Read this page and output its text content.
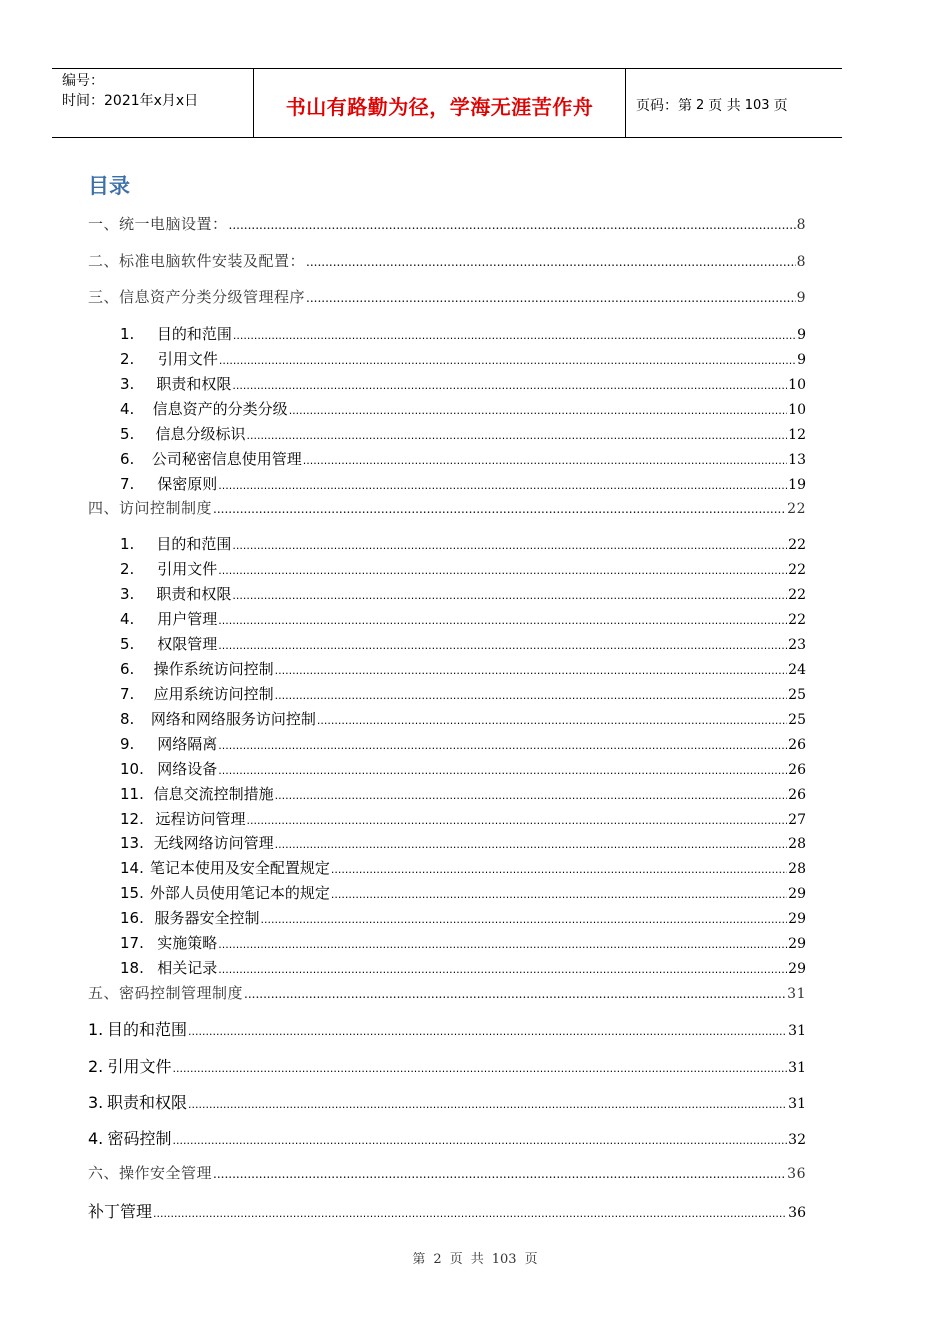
编号：
时间：2021年x月x日	书山有路勤为径，学海无涯苦作舟	页码：第 2 页 共 103 页
目录
一、统一电脑设置： .....	8
二、标准电脑软件安装及配置： .....	8
三、信息资产分类分级管理程序 .....	9
1.	目的和范围 .....	9
2.	引用文件 .....	9
3.	职责和权限 .....	10
4.	信息资产的分类分级 .....	10
5.	信息分级标识 .....	12
6.	公司秘密信息使用管理 .....	13
7.	保密原则 .....	19
四、访问控制制度 .....	22
1.	目的和范围 .....	22
2.	引用文件 .....	22
3.	职责和权限 .....	22
4.	用户管理 .....	22
5.	权限管理 .....	23
6.	操作系统访问控制 .....	24
7.	应用系统访问控制 .....	25
8.	网络和网络服务访问控制 .....	25
9.	网络隔离 .....	26
10. 网络设备 .....	26
11. 信息交流控制措施 .....	26
12. 远程访问管理 .....	27
13. 无线网络访问管理 .....	28
14. 笔记本使用及安全配置规定 .....	28
15. 外部人员使用笔记本的规定 .....	29
16. 服务器安全控制 .....	29
17. 实施策略 .....	29
18. 相关记录 .....	29
五、密码控制管理制度 .....	31
1. 目的和范围 .....	31
2. 引用文件 .....	31
3. 职责和权限 .....	31
4. 密码控制 .....	32
六、操作安全管理 .....	36
补丁管理 .....	36
第 2 页 共 103 页
